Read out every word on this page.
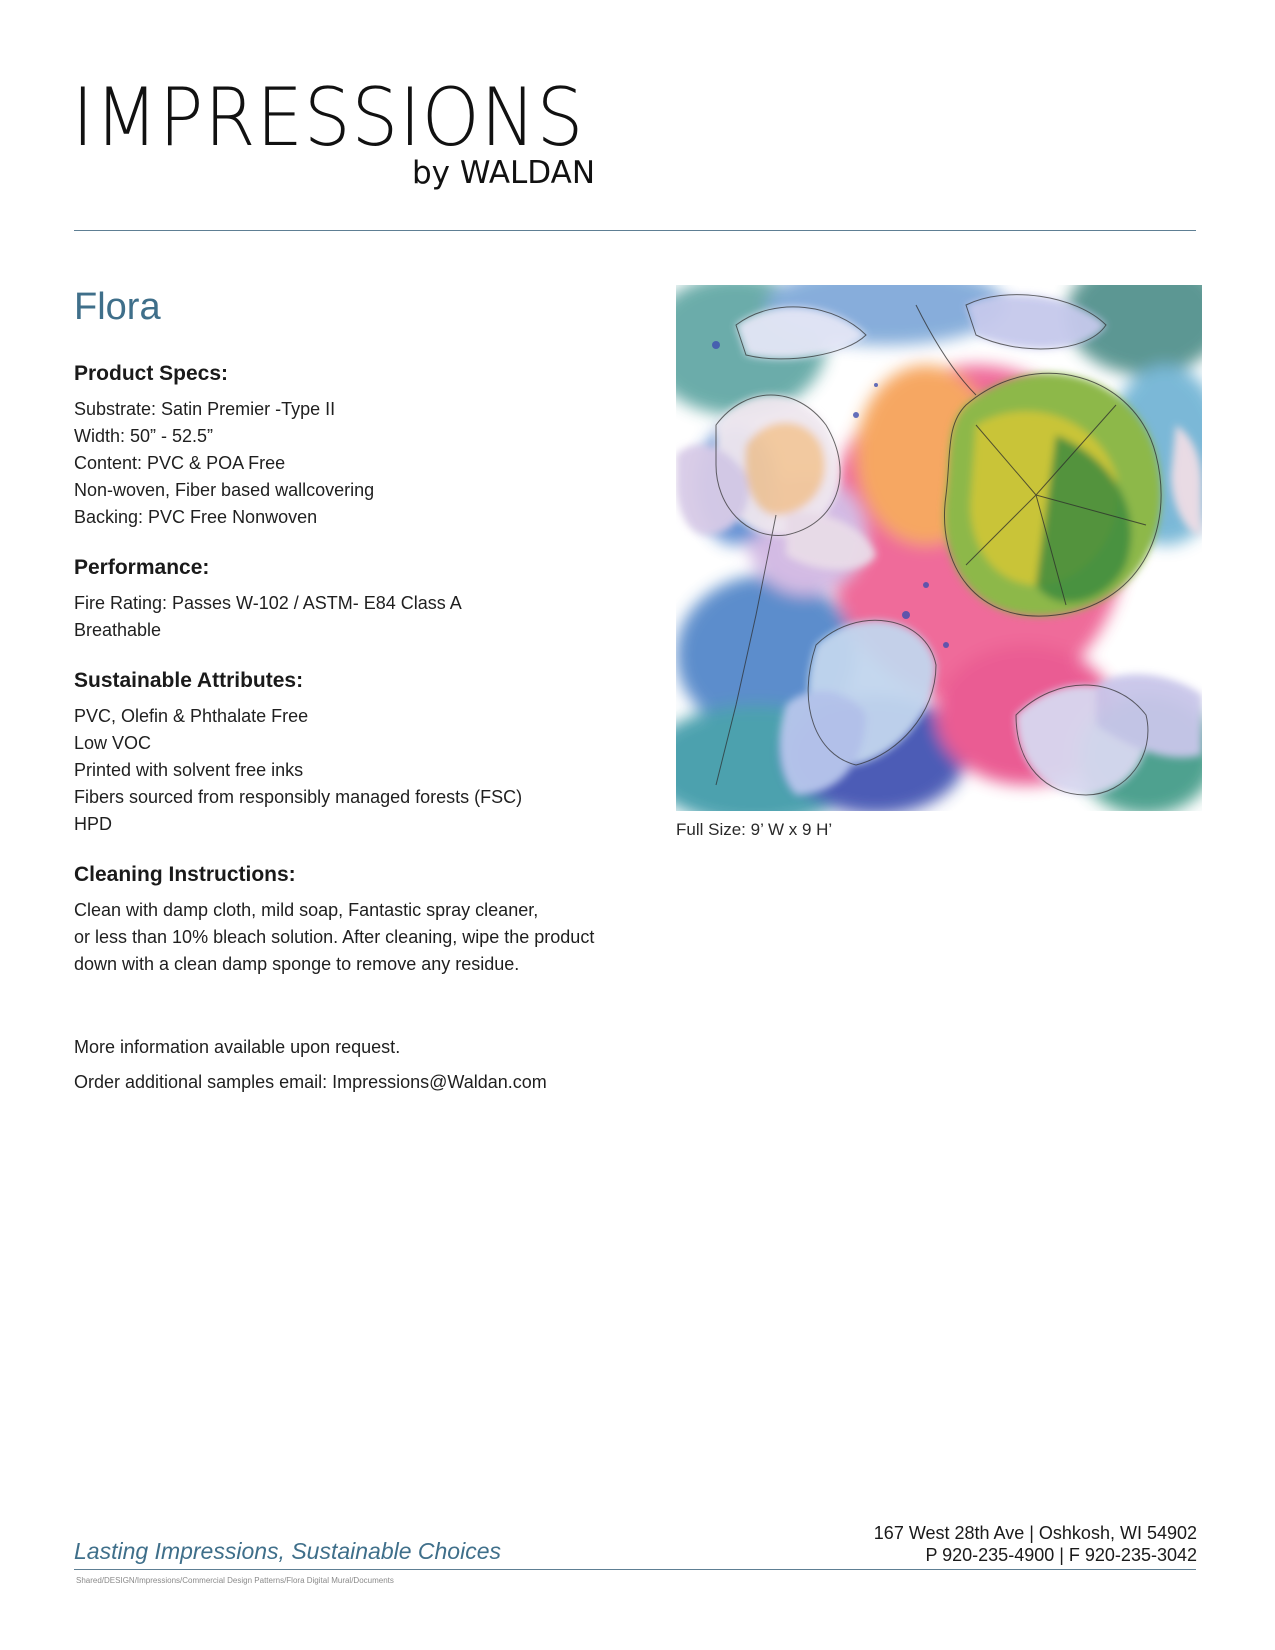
IMPRESSIONS
by WALDAN
Flora
Product Specs:
Substrate: Satin Premier -Type II
Width: 50” - 52.5”
Content: PVC & POA Free
Non-woven, Fiber based wallcovering
Backing: PVC Free Nonwoven
Performance:
Fire Rating: Passes W-102 / ASTM- E84 Class A
Breathable
Sustainable Attributes:
PVC, Olefin & Phthalate Free
Low VOC
Printed with solvent free inks
Fibers sourced from responsibly managed forests (FSC)
HPD
Cleaning Instructions:

Clean with damp cloth, mild soap, Fantastic spray cleaner,
or less than 10% bleach solution. After cleaning, wipe the product
down with a clean damp sponge to remove any residue.

More information available upon request.

Order additional samples email: Impressions@Waldan.com

Full Size: 9’ W x 9 H’
Lasting Impressions, Sustainable Choices
167 West 28th Ave | Oshkosh, WI 54902
P 920-235-4900 | F 920-235-3042
Shared/DESIGN/Impressions/Commercial Design Patterns/Flora Digital Mural/Documents
